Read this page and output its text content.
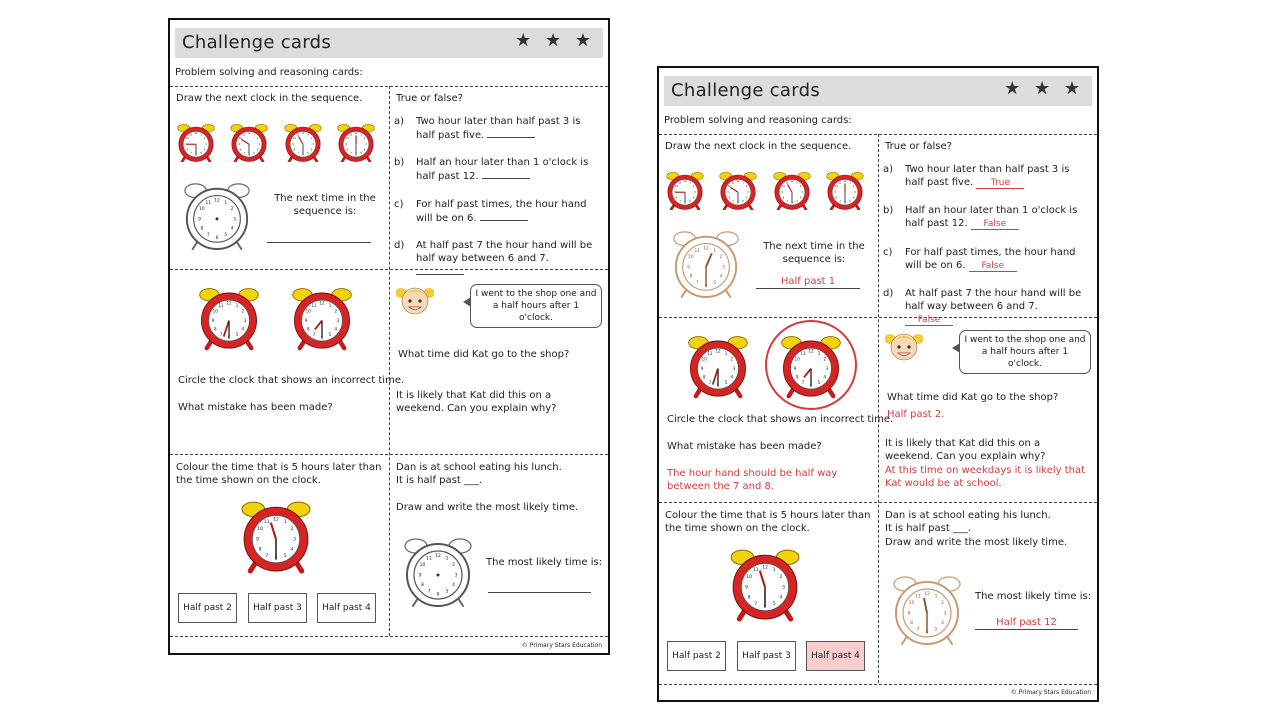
Challenge cards	★ ★ ★
Problem solving and reasoning cards:
Draw the next clock in the sequence.
The next time in the sequence is:
True or false?
a) Two hour later than half past 3 is half past five.
b) Half an hour later than 1 o'clock is half past 12.
c) For half past times, the hour hand will be on 6.
d) At half past 7 the hour hand will be half way between 6 and 7.
Circle the clock that shows an incorrect time.
What mistake has been made?
I went to the shop one and a half hours after 1 o'clock.
What time did Kat go to the shop?
It is likely that Kat did this on a weekend. Can you explain why?
Colour the time that is 5 hours later than the time shown on the clock.
Half past 2	Half past 3	Half past 4
Dan is at school eating his lunch.
It is half past ___.
Draw and write the most likely time.
The most likely time is:
© Primary Stars Education
Challenge cards	★ ★ ★
Problem solving and reasoning cards:
Draw the next clock in the sequence.
The next time in the sequence is:
Half past 1
True or false?
a) Two hour later than half past 3 is half past five. True
b) Half an hour later than 1 o'clock is half past 12. False
c) For half past times, the hour hand will be on 6. False
d) At half past 7 the hour hand will be half way between 6 and 7. False
Circle the clock that shows an incorrect time.
What mistake has been made?
The hour hand should be half way between the 7 and 8.
I went to the shop one and a half hours after 1 o'clock.
What time did Kat go to the shop?
Half past 2.
It is likely that Kat did this on a weekend. Can you explain why?
At this time on weekdays it is likely that Kat would be at school.
Colour the time that is 5 hours later than the time shown on the clock.
Half past 2	Half past 3	Half past 4
Dan is at school eating his lunch.
It is half past ___.
Draw and write the most likely time.
The most likely time is:
Half past 12
© Primary Stars Education
